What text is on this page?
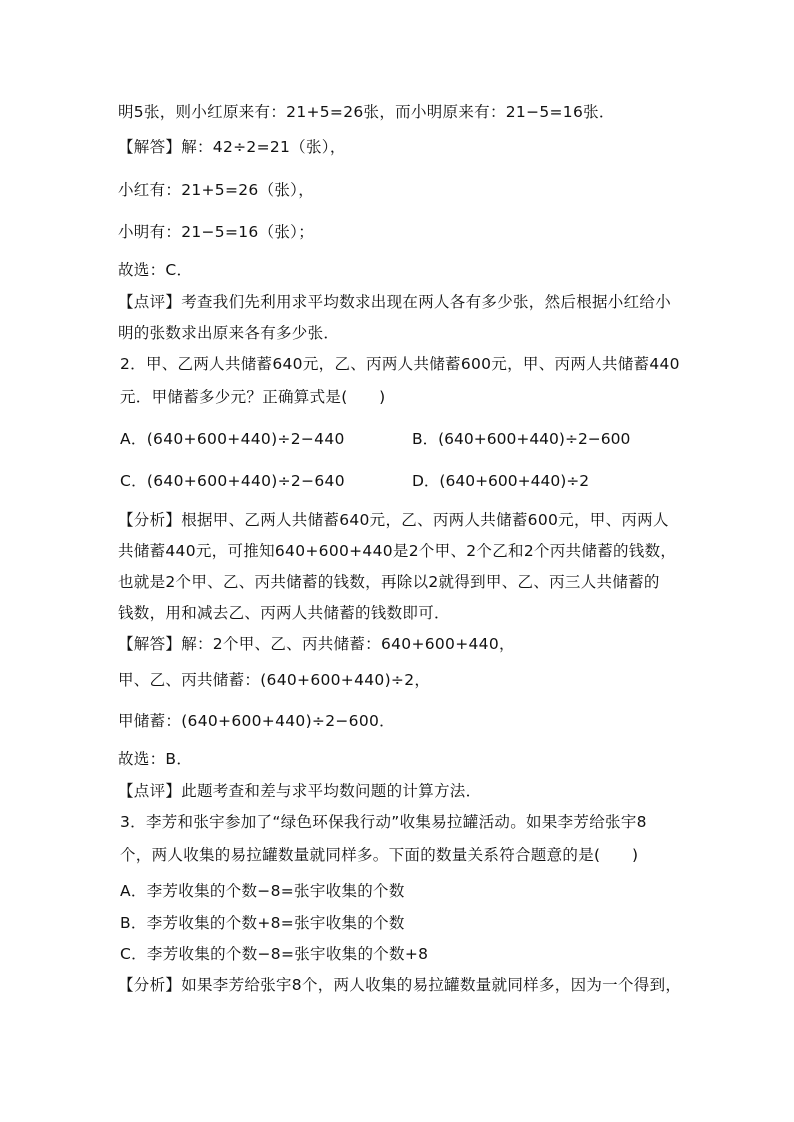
明5张，则小红原来有：21+5=26张，而小明原来有：21−5=16张．
【解答】解：42÷2=21（张），
小红有：21+5=26（张），
小明有：21−5=16（张）；
故选：C．
【点评】考查我们先利用求平均数求出现在两人各有多少张，然后根据小红给小
明的张数求出原来各有多少张．
2．甲、乙两人共储蓄640元，乙、丙两人共储蓄600元，甲、丙两人共储蓄440
元．甲储蓄多少元？正确算式是(　　)
A．(640+600+440)÷2−440	B．(640+600+440)÷2−600
C．(640+600+440)÷2−640	D．(640+600+440)÷2
【分析】根据甲、乙两人共储蓄640元，乙、丙两人共储蓄600元，甲、丙两人
共储蓄440元，可推知640+600+440是2个甲、2个乙和2个丙共储蓄的钱数，
也就是2个甲、乙、丙共储蓄的钱数，再除以2就得到甲、乙、丙三人共储蓄的
钱数，用和减去乙、丙两人共储蓄的钱数即可．
【解答】解：2个甲、乙、丙共储蓄：640+600+440，
甲、乙、丙共储蓄：(640+600+440)÷2，
甲储蓄：(640+600+440)÷2−600．
故选：B．
【点评】此题考查和差与求平均数问题的计算方法．
3．李芳和张宇参加了“绿色环保我行动”收集易拉罐活动。如果李芳给张宇8
个，两人收集的易拉罐数量就同样多。下面的数量关系符合题意的是(　　)
A．李芳收集的个数−8=张宇收集的个数
B．李芳收集的个数+8=张宇收集的个数
C．李芳收集的个数−8=张宇收集的个数+8
【分析】如果李芳给张宇8个，两人收集的易拉罐数量就同样多，因为一个得到，
